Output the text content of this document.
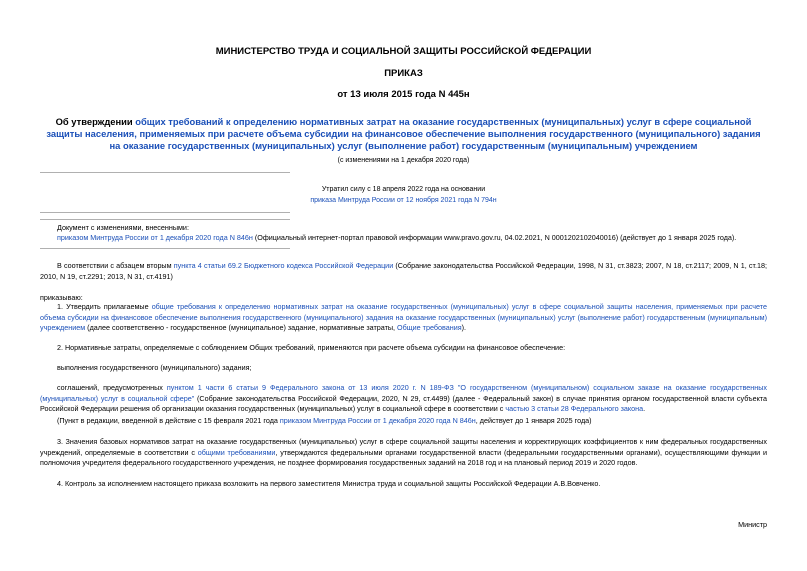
МИНИСТЕРСТВО ТРУДА И СОЦИАЛЬНОЙ ЗАЩИТЫ РОССИЙСКОЙ ФЕДЕРАЦИИ
ПРИКАЗ
от 13 июля 2015 года N 445н
Об утверждении общих требований к определению нормативных затрат на оказание государственных (муниципальных) услуг в сфере социальной защиты населения, применяемых при расчете объема субсидии на финансовое обеспечение выполнения государственного (муниципального) задания на оказание государственных (муниципальных) услуг (выполнение работ) государственным (муниципальным) учреждением
(с изменениями на 1 декабря 2020 года)
Утратил силу с 18 апреля 2022 года на основании
приказа Минтруда России от 12 ноября 2021 года N 794н
Документ с изменениями, внесенными:
приказом Минтруда России от 1 декабря 2020 года N 846н (Официальный интернет-портал правовой информации www.pravo.gov.ru, 04.02.2021, N 0001202102040016) (действует до 1 января 2025 года).
В соответствии с абзацем вторым пункта 4 статьи 69.2 Бюджетного кодекса Российской Федерации (Собрание законодательства Российской Федерации, 1998, N 31, ст.3823; 2007, N 18, ст.2117; 2009, N 1, ст.18; 2010, N 19, ст.2291; 2013, N 31, ст.4191)
приказываю:
1. Утвердить прилагаемые общие требования к определению нормативных затрат на оказание государственных (муниципальных) услуг в сфере социальной защиты населения, применяемых при расчете объема субсидии на финансовое обеспечение выполнения государственного (муниципального) задания на оказание государственных (муниципальных) услуг (выполнение работ) государственным (муниципальным) учреждением (далее соответственно - государственное (муниципальное) задание, нормативные затраты, Общие требования).
2. Нормативные затраты, определяемые с соблюдением Общих требований, применяются при расчете объема субсидии на финансовое обеспечение:
выполнения государственного (муниципального) задания;
соглашений, предусмотренных пунктом 1 части 6 статьи 9 Федерального закона от 13 июля 2020 г. N 189-ФЗ "О государственном (муниципальном) социальном заказе на оказание государственных (муниципальных) услуг в социальной сфере" (Собрание законодательства Российской Федерации, 2020, N 29, ст.4499) (далее - Федеральный закон) в случае принятия органом государственной власти субъекта Российской Федерации решения об организации оказания государственных (муниципальных) услуг в социальной сфере в соответствии с частью 3 статьи 28 Федерального закона.
(Пункт в редакции, введенной в действие с 15 февраля 2021 года приказом Минтруда России от 1 декабря 2020 года N 846н, действует до 1 января 2025 года)
3. Значения базовых нормативов затрат на оказание государственных (муниципальных) услуг в сфере социальной защиты населения и корректирующих коэффициентов к ним федеральных государственных учреждений, определяемые в соответствии с общими требованиями, утверждаются федеральными органами государственной власти (федеральными государственными органами), осуществляющими функции и полномочия учредителя федерального государственного учреждения, не позднее формирования государственных заданий на 2018 год и на плановый период 2019 и 2020 годов.
4. Контроль за исполнением настоящего приказа возложить на первого заместителя Министра труда и социальной защиты Российской Федерации А.В.Вовченко.
Министр
